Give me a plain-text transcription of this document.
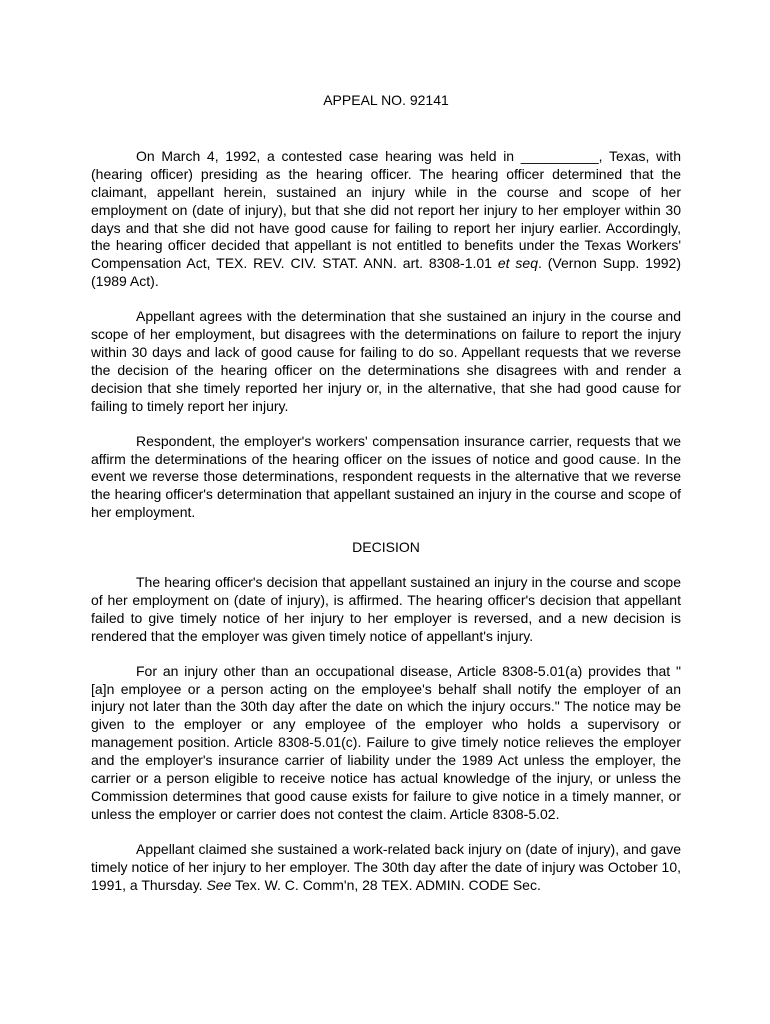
APPEAL NO. 92141

On March 4, 1992, a contested case hearing was held in __________, Texas, with (hearing officer) presiding as the hearing officer. The hearing officer determined that the claimant, appellant herein, sustained an injury while in the course and scope of her employment on (date of injury), but that she did not report her injury to her employer within 30 days and that she did not have good cause for failing to report her injury earlier. Accordingly, the hearing officer decided that appellant is not entitled to benefits under the Texas Workers' Compensation Act, TEX. REV. CIV. STAT. ANN. art. 8308-1.01 et seq. (Vernon Supp. 1992) (1989 Act).

Appellant agrees with the determination that she sustained an injury in the course and scope of her employment, but disagrees with the determinations on failure to report the injury within 30 days and lack of good cause for failing to do so. Appellant requests that we reverse the decision of the hearing officer on the determinations she disagrees with and render a decision that she timely reported her injury or, in the alternative, that she had good cause for failing to timely report her injury.

Respondent, the employer's workers' compensation insurance carrier, requests that we affirm the determinations of the hearing officer on the issues of notice and good cause. In the event we reverse those determinations, respondent requests in the alternative that we reverse the hearing officer's determination that appellant sustained an injury in the course and scope of her employment.

DECISION

The hearing officer's decision that appellant sustained an injury in the course and scope of her employment on (date of injury), is affirmed. The hearing officer's decision that appellant failed to give timely notice of her injury to her employer is reversed, and a new decision is rendered that the employer was given timely notice of appellant's injury.

For an injury other than an occupational disease, Article 8308-5.01(a) provides that "[a]n employee or a person acting on the employee's behalf shall notify the employer of an injury not later than the 30th day after the date on which the injury occurs." The notice may be given to the employer or any employee of the employer who holds a supervisory or management position. Article 8308-5.01(c). Failure to give timely notice relieves the employer and the employer's insurance carrier of liability under the 1989 Act unless the employer, the carrier or a person eligible to receive notice has actual knowledge of the injury, or unless the Commission determines that good cause exists for failure to give notice in a timely manner, or unless the employer or carrier does not contest the claim. Article 8308-5.02.

Appellant claimed she sustained a work-related back injury on (date of injury), and gave timely notice of her injury to her employer. The 30th day after the date of injury was October 10, 1991, a Thursday. See Tex. W. C. Comm'n, 28 TEX. ADMIN. CODE Sec.
